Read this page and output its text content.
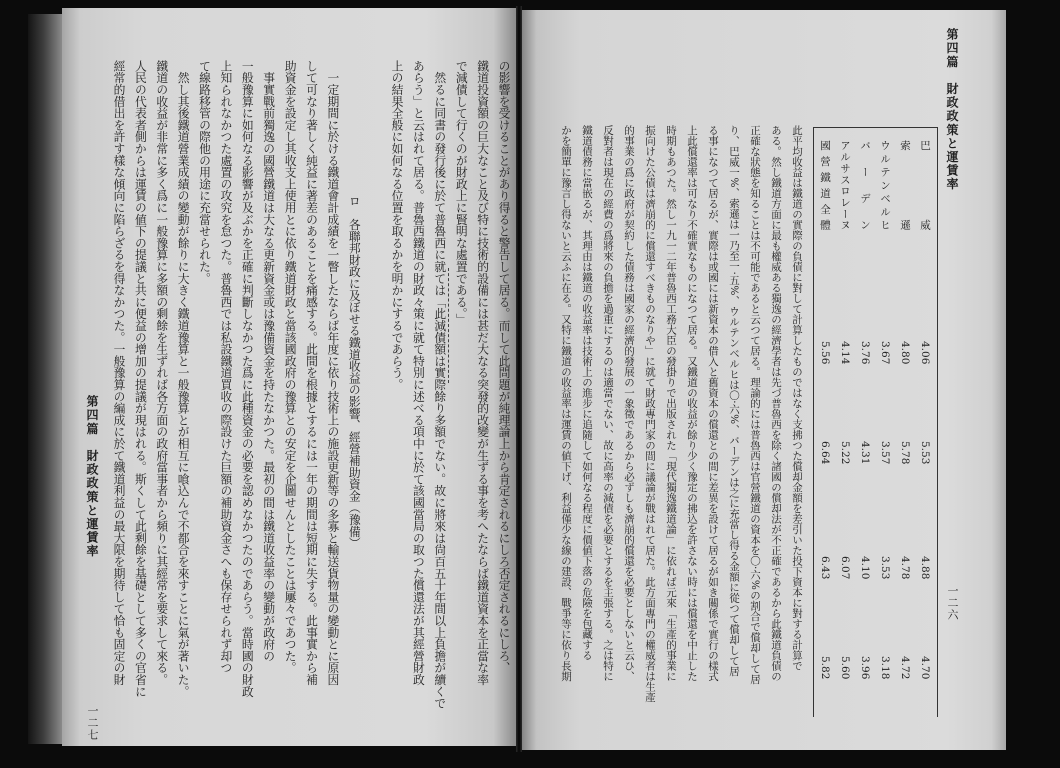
の影響を受けることがあり得ると警告して居る。而して此問題が純理論上から肯定されるにしろ否定されるにしろ、
鐵道投資額の巨大なこと及び特に技術的設備には甚だ大なる突發的改變が生ずる事を考へたならば鐵道資本を正當な率
で減債して行くのが財政上に賢明な處置である。」
　然るに同書の發行後に於て普魯西に就ては「此減債額は實際餘り多額でない。故に將來は尙百五十年間以上負擔が續くで
あらう」と云はれて居る。普魯西鐵道の財政々策に就て特別に述べる項中に於て該國當局の取つた償還法が其經營財政
上の結果全般に如何なる位置を取るかを明かにするであらう。
ロ　各聯邦財政に及ぼせる鐵道收益の影響、經營補助資金（豫備）
　一定期間に於ける鐵道會計成績を一瞥したならば年度に依り技術上の施設更新等の多寡と輸送貨物量の變動とに原因
して可なり著しく純益に著差のあることを痛感する。此間を根據とするには一年の期間は短期に失する。此事實から補
助資金を設定し其收支上使用とに依り鐵道財政と當該國政府の豫算との安定を企圖せんとしたことは屢々であつた。
　事實戰前獨逸の國營鐵道は大なる更新資金或は豫備資金を持たなかつた。最初の間は鐵道收益率の變動が政府の
一般豫算に如何なる影響が及ぶかを正確に判斷しなかつた爲に此種資金の必要を認めなかつたのであらう。當時國の財政
上知られなかつた處置の攻究を怠つた。普魯西では私設鐵道買收の際設けた巨額の補助資金さへも保存せられず却つ
て線路移管の際他の用途に充當せられた。
　然し其後鐵道營業成績の變動が餘りに大きく鐵道豫算と一般豫算とが相互に喰込んで不都合を來すことに氣が著いた。
鐵道の收益が非常に多く爲に一般豫算に多額の剩餘を生ずれば各方面の政府當事者から頻りに其經常を要求して來る。
人民の代表者側からは運賃の値下の提議と共に便益の增加の提議が現はれる。斯くして此剩餘を基礎として多くの官省に
經常的借出を許す樣な傾向に陷らざるを得なかつた。一般豫算の編成に於て鐵道利益の最大限を期待して恰も固定の財
第四篇　財政政策と運賃率
一二七
第四篇　財政政策と運賃率
一二六
巴威
4.06
5.53
4.88
4.70
索遜
4.80
5.78
4.78
4.72
ウルテンベルヒ
3.67
3.57
3.53
3.18
バーデン
3.76
4.31
4.10
3.96
アルサスロレーヌ
4.14
5.22
6.07
5.60
國營鐵道全體
5.56
6.64
6.43
5.82
此平均收益は鐵道の實際の負債に對して計算したものではなく支拂つた償却金額を差引いた投下資本に對する計算で
ある。然し鐵道方面に最も權威ある獨逸の經濟學者は先づ普魯西を除く諸國の償却法が不正確であるから此鐵道負債の
正確な狀態を知ることは不可能であると云つて居る。理論的には普魯西は官營鐵道の資本を〇·六%の割合で償却して居
り、巴威一%、索遜は一乃至一·五%、ウルテンベルヒは〇·六%、バーデンは之に充當し得る金額に從つて償却して居
る事になつて居るが、實際は或國には新資本の借入と舊資本の償還との間に差異を設けて居るが如き關係で實行の樣式
上此償還率は可なり不確實なものになつて居る。又鐵道の收益が餘り少く豫定の拂込を許さない時には償還を中止した
時期もあつた。然し一九一二年普魯西工務大臣の發掛りで出版された「現代獨逸鐵道論」に依れば元來「生產的事業に
振向けた公債は濟崩的に償還すべきものなりや」に就て財政專門家の間に議論が戰はれて居た。此方面專門の權威者は生產
的事業の爲に政府が契約した債務は國家の經濟的發展の一象徵であるから必ずしも濟崩的償還を必要としないと云ひ、
反對者は現在の經費の爲將來の負擔を過重にするのは適當でない、故に高率の減債を必要とするを主張する。之は特に
鐵道債務に當嵌るが、其理由は鐵道の收益率は技術上の進步に追隨して如何なる程度に價値下落の危險を包藏する
かを簡單に豫言し得ないと云ふに在る。又特に鐵道の收益率は運賃の値下げ、利益僅少な線の建設、戰爭等に依り長期
